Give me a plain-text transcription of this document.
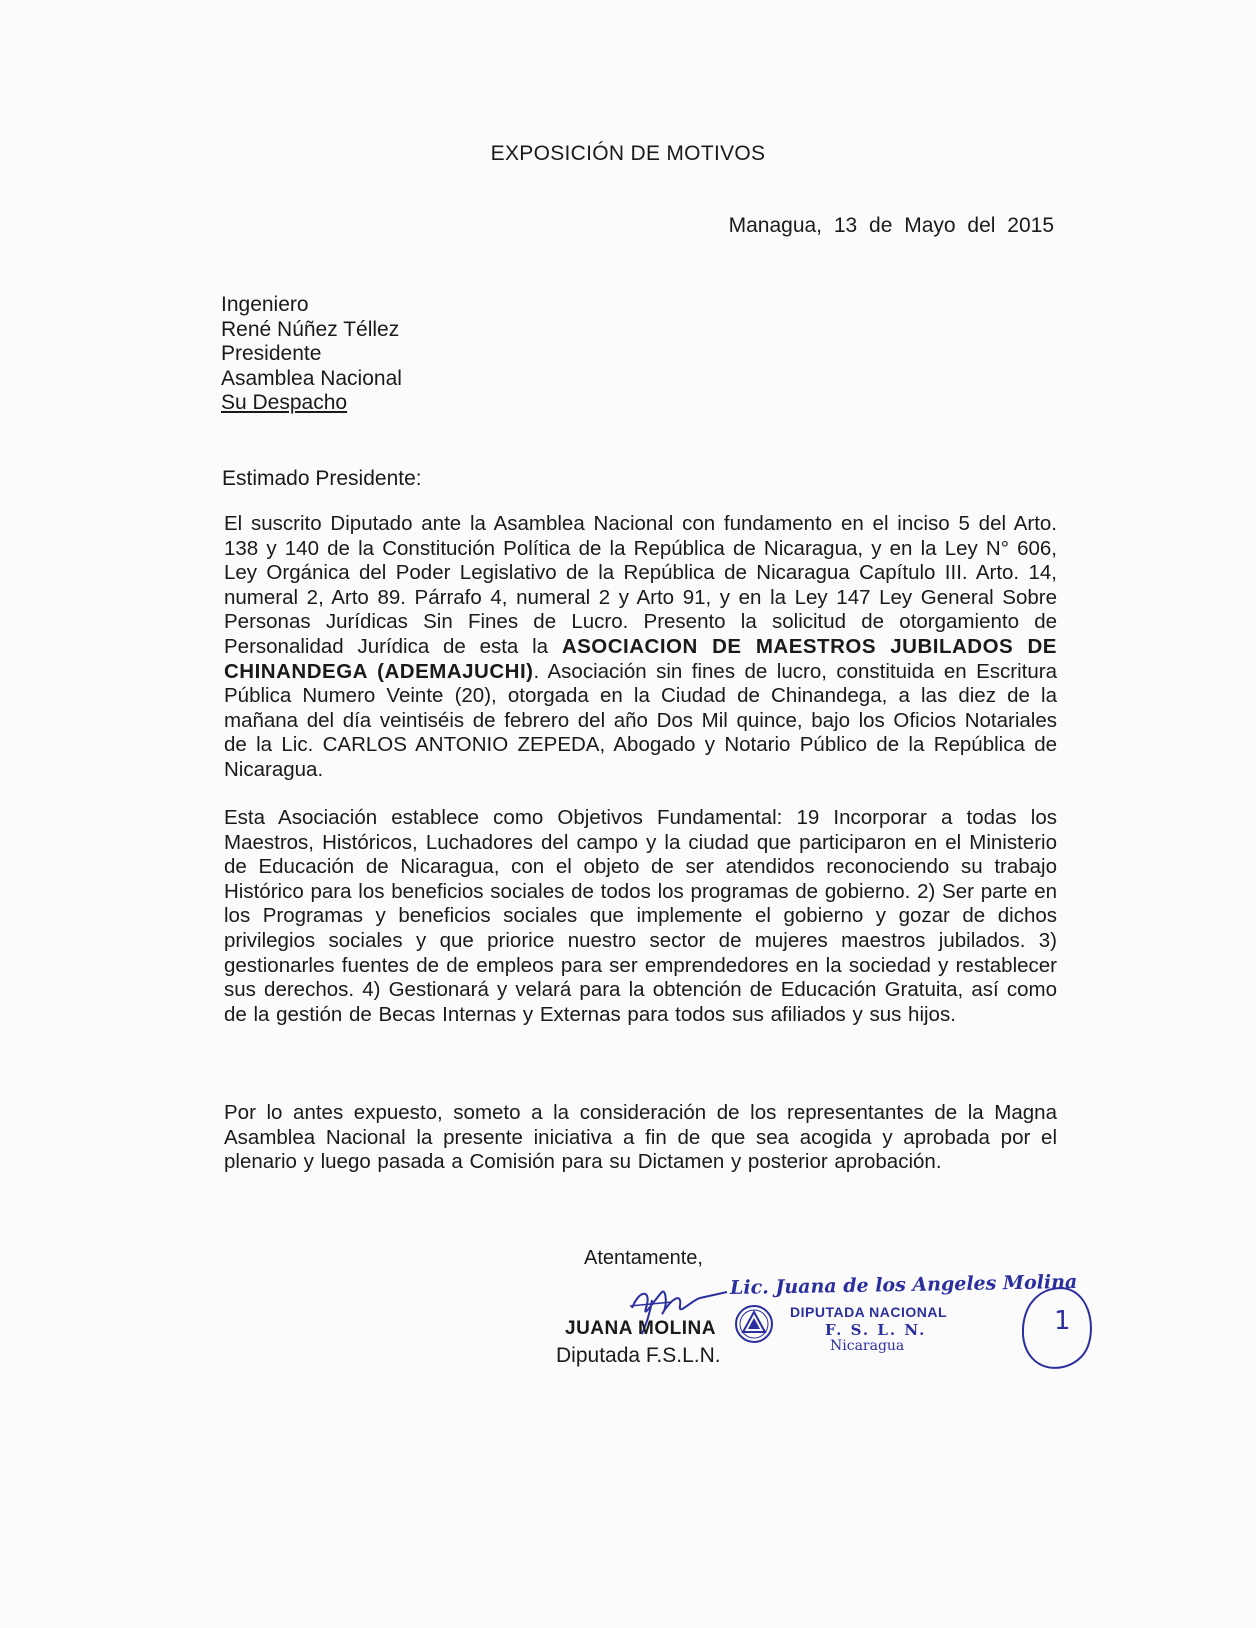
EXPOSICIÓN DE MOTIVOS
Managua, 13 de Mayo del 2015
Ingeniero
René Núñez Téllez
Presidente
Asamblea Nacional
Su Despacho
Estimado Presidente:
El suscrito Diputado ante la Asamblea Nacional con fundamento en el inciso 5 del Arto. 138 y 140 de la Constitución Política de la República de Nicaragua, y en la Ley N° 606, Ley Orgánica del Poder Legislativo de la República de Nicaragua Capítulo III. Arto. 14, numeral 2, Arto 89. Párrafo 4, numeral 2 y Arto 91, y en la Ley 147 Ley General Sobre Personas Jurídicas Sin Fines de Lucro. Presento la solicitud de otorgamiento de Personalidad Jurídica de esta la ASOCIACION DE MAESTROS JUBILADOS DE CHINANDEGA (ADEMAJUCHI). Asociación sin fines de lucro, constituida en Escritura Pública Numero Veinte (20), otorgada en la Ciudad de Chinandega, a las diez de la mañana del día veintiséis de febrero del año Dos Mil quince, bajo los Oficios Notariales de la Lic. CARLOS ANTONIO ZEPEDA, Abogado y Notario Público de la República de Nicaragua.
Esta Asociación establece como Objetivos Fundamental: 19 Incorporar a todas los Maestros, Históricos, Luchadores del campo y la ciudad que participaron en el Ministerio de Educación de Nicaragua, con el objeto de ser atendidos reconociendo su trabajo Histórico para los beneficios sociales de todos los programas de gobierno. 2) Ser parte en los Programas y beneficios sociales que implemente el gobierno y gozar de dichos privilegios sociales y que priorice nuestro sector de mujeres maestros jubilados. 3) gestionarles fuentes de de empleos para ser emprendedores en la sociedad y restablecer sus derechos. 4) Gestionará y velará para la obtención de Educación Gratuita, así como de la gestión de Becas Internas y Externas para todos sus afiliados y sus hijos.
Por lo antes expuesto, someto a la consideración de los representantes de la Magna Asamblea Nacional la presente iniciativa a fin de que sea acogida y aprobada por el plenario y luego pasada a Comisión para su Dictamen y posterior aprobación.
Atentamente,
JUANA MOLINA
Diputada F.S.L.N.
Lic. Juana de los Angeles Molina
DIPUTADA NACIONAL
F. S. L. N.
Nicaragua
1
